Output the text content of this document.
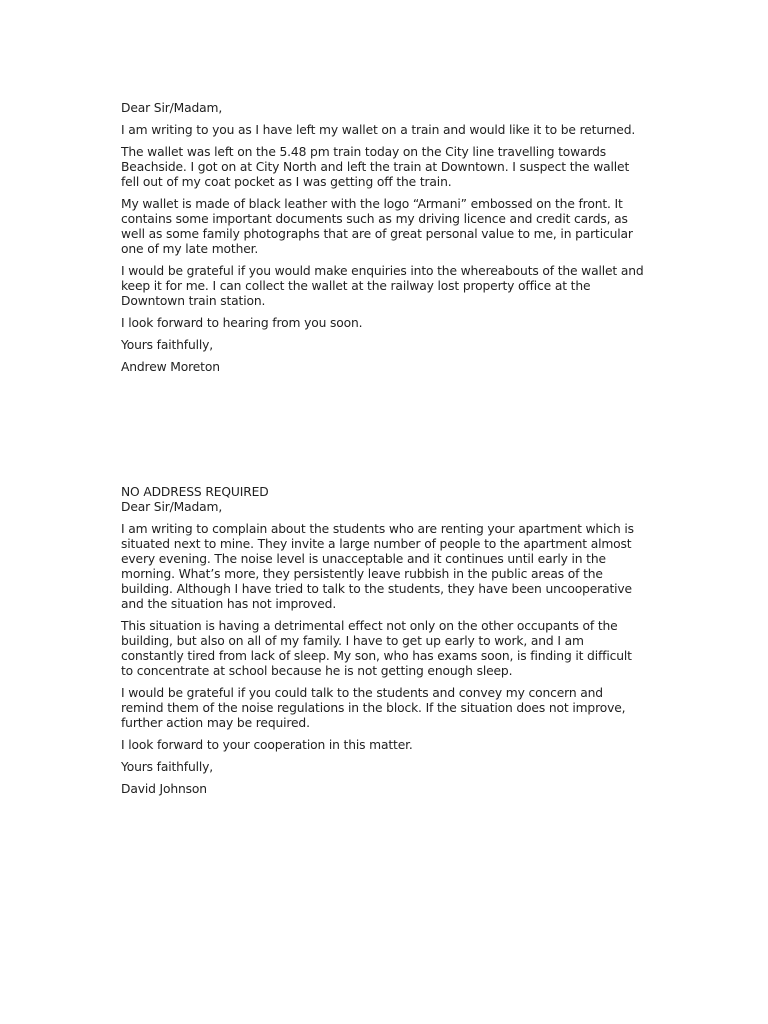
Dear Sir/Madam,
I am writing to you as I have left my wallet on a train and would like it to be returned.
The wallet was left on the 5.48 pm train today on the City line travelling towards
Beachside. I got on at City North and left the train at Downtown. I suspect the wallet
fell out of my coat pocket as I was getting off the train.
My wallet is made of black leather with the logo “Armani” embossed on the front. It
contains some important documents such as my driving licence and credit cards, as
well as some family photographs that are of great personal value to me, in particular
one of my late mother.
I would be grateful if you would make enquiries into the whereabouts of the wallet and
keep it for me. I can collect the wallet at the railway lost property office at the
Downtown train station.
I look forward to hearing from you soon.
Yours faithfully,
Andrew Moreton
NO ADDRESS REQUIRED
Dear Sir/Madam,
I am writing to complain about the students who are renting your apartment which is
situated next to mine. They invite a large number of people to the apartment almost
every evening. The noise level is unacceptable and it continues until early in the
morning. What’s more, they persistently leave rubbish in the public areas of the
building. Although I have tried to talk to the students, they have been uncooperative
and the situation has not improved.
This situation is having a detrimental effect not only on the other occupants of the
building, but also on all of my family. I have to get up early to work, and I am
constantly tired from lack of sleep. My son, who has exams soon, is finding it difficult
to concentrate at school because he is not getting enough sleep.
I would be grateful if you could talk to the students and convey my concern and
remind them of the noise regulations in the block. If the situation does not improve,
further action may be required.
I look forward to your cooperation in this matter.
Yours faithfully,
David Johnson
